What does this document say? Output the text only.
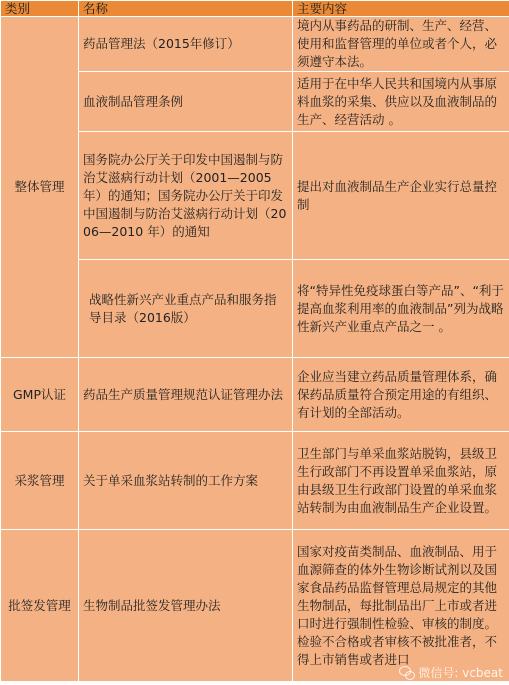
类别	名称	主要内容
整体管理	药品管理法（2015年修订）	境内从事药品的研制、生产、经营、使用和监督管理的单位或者个人，必须遵守本法。
	血液制品管理条例	适用于在中华人民共和国境内从事原料血浆的采集、供应以及血液制品的生产、经营活动 。
	国务院办公厅关于印发中国遏制与防治艾滋病行动计划（2001—2005 年）的通知；国务院办公厅关于印发中国遏制与防治艾滋病行动计划（2006—2010 年）的通知	提出对血液制品生产企业实行总量控制
	战略性新兴产业重点产品和服务指导目录（2016版）	将“特异性免疫球蛋白等产品”、“利于提高血浆利用率的血液制品”列为战略性新兴产业重点产品之一 。
GMP认证	药品生产质量管理规范认证管理办法	企业应当建立药品质量管理体系，确保药品质量符合预定用途的有组织、有计划的全部活动。
采浆管理	关于单采血浆站转制的工作方案	卫生部门与单采血浆站脱钩，县级卫生行政部门不再设置单采血浆站，原由县级卫生行政部门设置的单采血浆站转制为由血液制品生产企业设置。
批签发管理	生物制品批签发管理办法	国家对疫苗类制品、血液制品、用于血源筛查的体外生物诊断试剂以及国家食品药品监督管理总局规定的其他生物制品，每批制品出厂上市或者进口时进行强制性检验、审核的制度。检验不合格或者审核不被批准者，不得上市销售或者进口
微信号: vcbeat
